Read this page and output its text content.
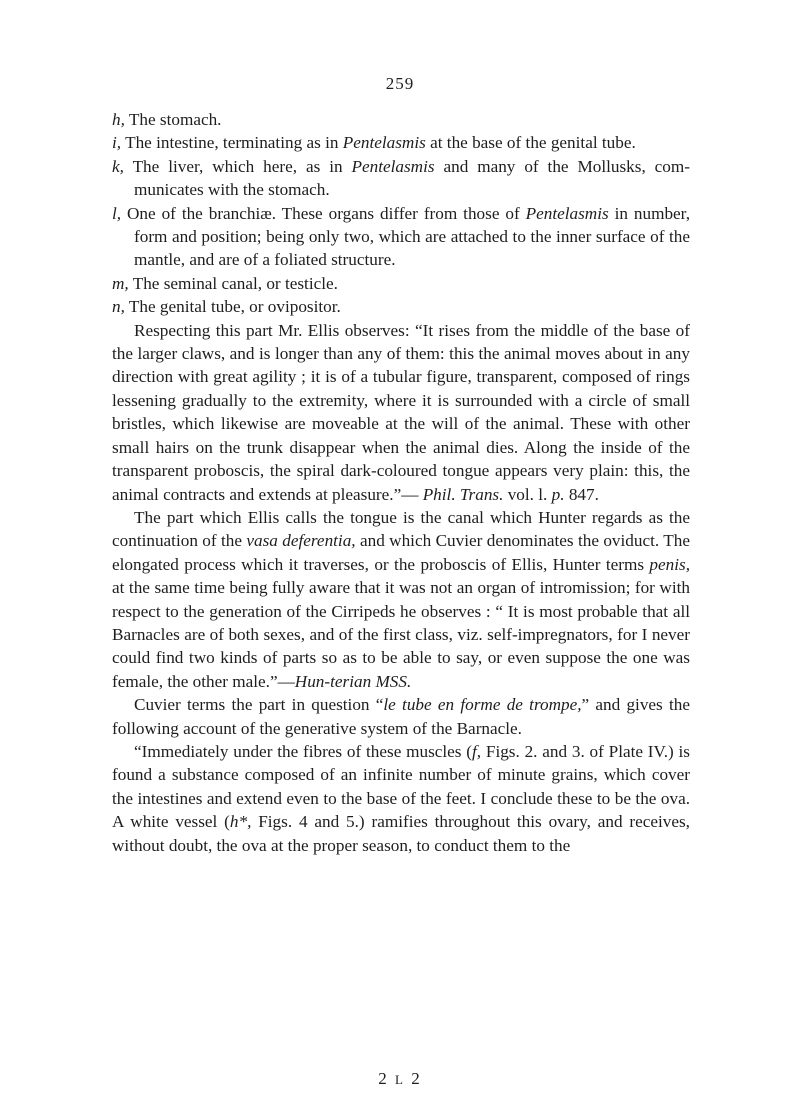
259

h, The stomach.

i, The intestine, terminating as in Pentelasmis at the base of the genital tube.

k, The liver, which here, as in Pentelasmis and many of the Mollusks, com-municates with the stomach.

l, One of the branchiæ. These organs differ from those of Pentelasmis in number, form and position; being only two, which are attached to the inner surface of the mantle, and are of a foliated structure.

m, The seminal canal, or testicle.

n, The genital tube, or ovipositor.

Respecting this part Mr. Ellis observes: “It rises from the middle of the base of the larger claws, and is longer than any of them: this the animal moves about in any direction with great agility ; it is of a tubular figure, transparent, composed of rings lessening gradually to the extremity, where it is surrounded with a circle of small bristles, which likewise are moveable at the will of the animal. These with other small hairs on the trunk disappear when the animal dies. Along the inside of the transparent proboscis, the spiral dark-coloured tongue appears very plain: this, the animal contracts and extends at pleasure.”— Phil. Trans. vol. l. p. 847.

The part which Ellis calls the tongue is the canal which Hunter regards as the continuation of the vasa deferentia, and which Cuvier denominates the oviduct. The elongated process which it traverses, or the proboscis of Ellis, Hunter terms penis, at the same time being fully aware that it was not an organ of intromission; for with respect to the generation of the Cirripeds he observes : “ It is most probable that all Barnacles are of both sexes, and of the first class, viz. self-impregnators, for I never could find two kinds of parts so as to be able to say, or even suppose the one was female, the other male.”—Hun-terian MSS.

Cuvier terms the part in question “le tube en forme de trompe,” and gives the following account of the generative system of the Barnacle.

“Immediately under the fibres of these muscles (f, Figs. 2. and 3. of Plate IV.) is found a substance composed of an infinite number of minute grains, which cover the intestines and extend even to the base of the feet. I conclude these to be the ova. A white vessel (h*, Figs. 4 and 5.) ramifies throughout this ovary, and receives, without doubt, the ova at the proper season, to conduct them to the

2 L 2
